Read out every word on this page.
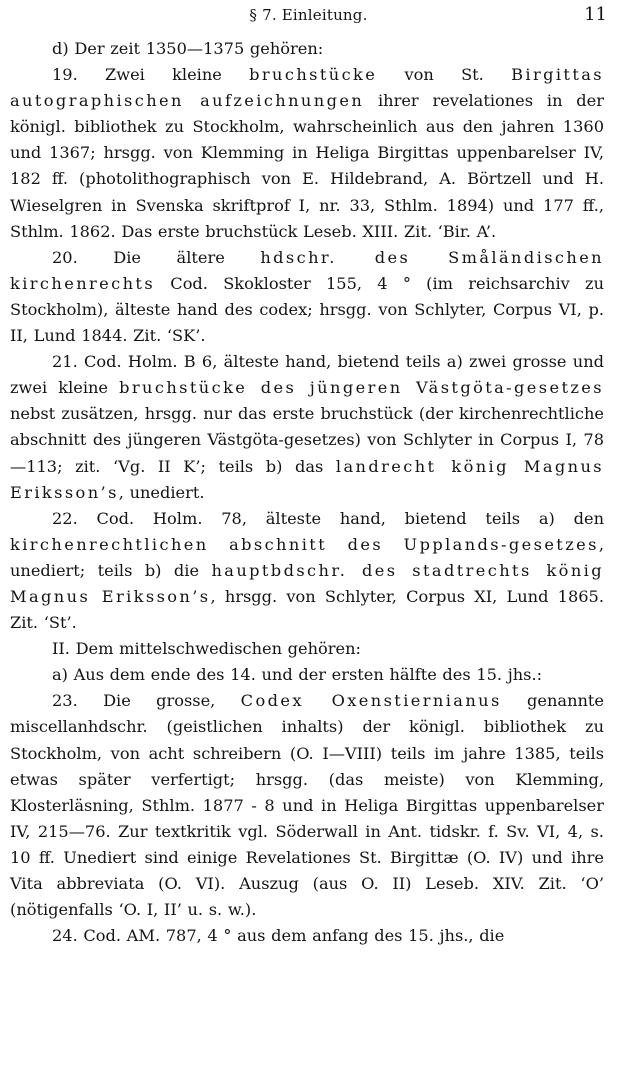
§ 7. Einleitung.	11

d) Der zeit 1350—1375 gehören:

19. Zwei kleine bruchstücke von St. Birgittas autographischen aufzeichnungen ihrer revelationes in der königl. bibliothek zu Stockholm, wahrscheinlich aus den jahren 1360 und 1367; hrsgg. von Klemming in Heliga Birgittas uppenbarelser IV, 182 ff. (photolithographisch von E. Hildebrand, A. Börtzell und H. Wieselgren in Svenska skriftprof I, nr. 33, Sthlm. 1894) und 177 ff., Sthlm. 1862. Das erste bruchstück Leseb. XIII. Zit. ‘Bir. A’.

20. Die ältere hdschr. des Småländischen kirchenrechts Cod. Skokloster 155, 4 ° (im reichsarchiv zu Stockholm), älteste hand des codex; hrsgg. von Schlyter, Corpus VI, p. II, Lund 1844. Zit. ‘SK’.

21. Cod. Holm. B 6, älteste hand, bietend teils a) zwei grosse und zwei kleine bruchstücke des jüngeren Västgöta-gesetzes nebst zusätzen, hrsgg. nur das erste bruchstück (der kirchenrechtliche abschnitt des jüngeren Västgöta-gesetzes) von Schlyter in Corpus I, 78—113; zit. ‘Vg. II K’; teils b) das landrecht könig Magnus Eriksson’s, unediert.

22. Cod. Holm. 78, älteste hand, bietend teils a) den kirchenrechtlichen abschnitt des Upplands-gesetzes, unediert; teils b) die hauptbdschr. des stadtrechts könig Magnus Eriksson’s, hrsgg. von Schlyter, Corpus XI, Lund 1865. Zit. ‘St’.

II. Dem mittelschwedischen gehören:

a) Aus dem ende des 14. und der ersten hälfte des 15. jhs.:

23. Die grosse, Codex Oxenstiernianus genannte miscellanhdschr. (geistlichen inhalts) der königl. bibliothek zu Stockholm, von acht schreibern (O. I—VIII) teils im jahre 1385, teils etwas später verfertigt; hrsgg. (das meiste) von Klemming, Klosterläsning, Sthlm. 1877 - 8 und in Heliga Birgittas uppenbarelser IV, 215—76. Zur textkritik vgl. Söderwall in Ant. tidskr. f. Sv. VI, 4, s. 10 ff. Unediert sind einige Revelationes St. Birgittæ (O. IV) und ihre Vita abbreviata (O. VI). Auszug (aus O. II) Leseb. XIV. Zit. ‘O’ (nötigenfalls ‘O. I, II’ u. s. w.).

24. Cod. AM. 787, 4 ° aus dem anfang des 15. jhs., die
